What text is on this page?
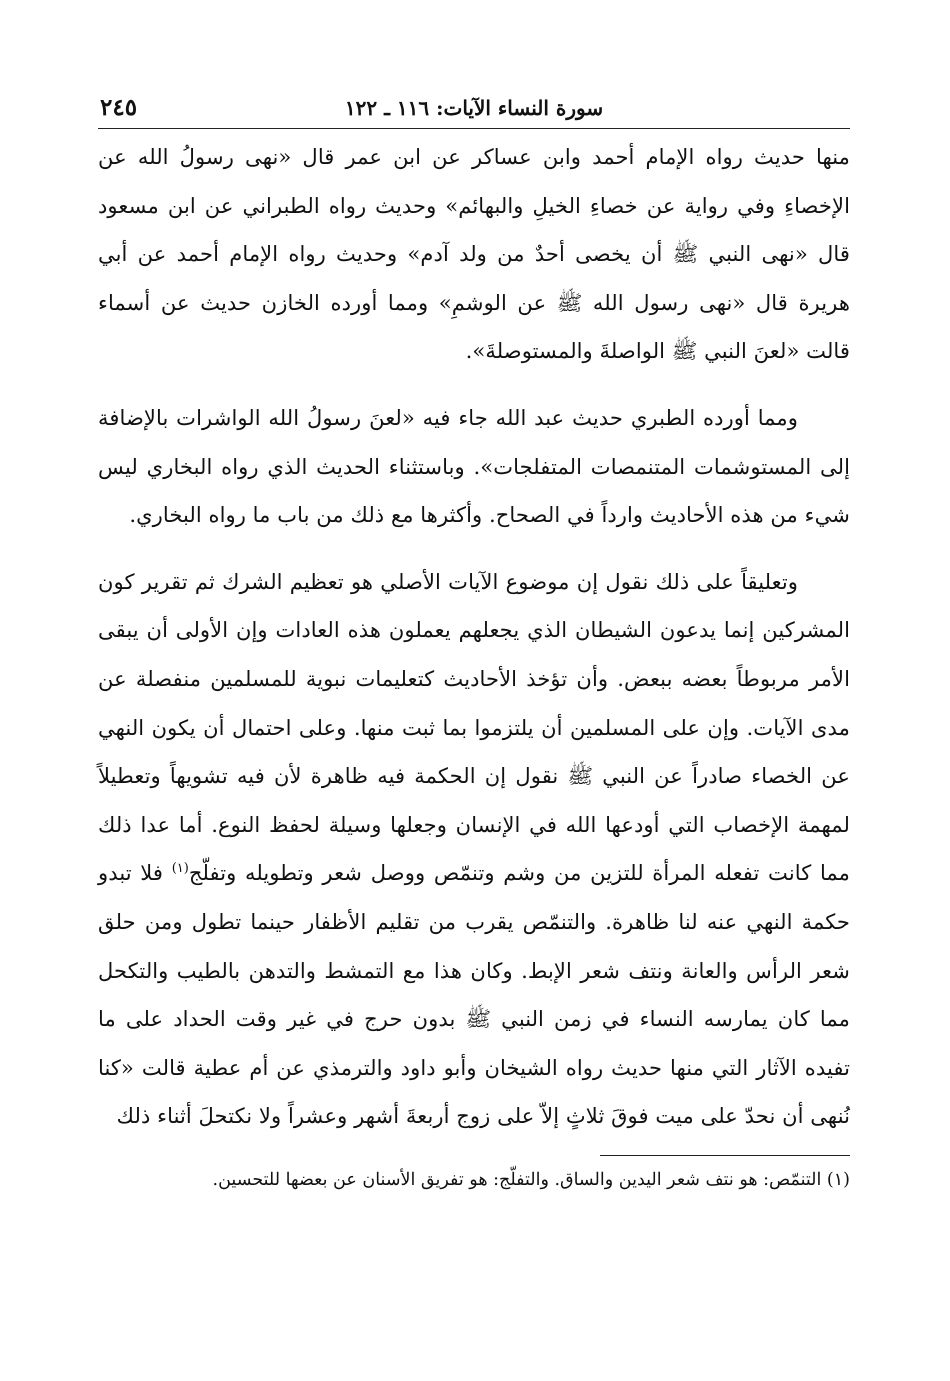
سورة النساء الآيات: ١١٦ ـ ١٢٢
٢٤٥

منها حديث رواه الإمام أحمد وابن عساكر عن ابن عمر قال «نهى رسولُ الله عن الإخصاءِ وفي رواية عن خصاءِ الخيلِ والبهائم» وحديث رواه الطبراني عن ابن مسعود قال «نهى النبي ﷺ أن يخصى أحدٌ من ولد آدم» وحديث رواه الإمام أحمد عن أبي هريرة قال «نهى رسول الله ﷺ عن الوشمِ» ومما أورده الخازن حديث عن أسماء قالت «لعنَ النبي ﷺ الواصلةَ والمستوصلةَ».

ومما أورده الطبري حديث عبد الله جاء فيه «لعنَ رسولُ الله الواشرات بالإضافة إلى المستوشمات المتنمصات المتفلجات». وباستثناء الحديث الذي رواه البخاري ليس شيء من هذه الأحاديث وارداً في الصحاح. وأكثرها مع ذلك من باب ما رواه البخاري.

وتعليقاً على ذلك نقول إن موضوع الآيات الأصلي هو تعظيم الشرك ثم تقرير كون المشركين إنما يدعون الشيطان الذي يجعلهم يعملون هذه العادات وإن الأولى أن يبقى الأمر مربوطاً بعضه ببعض. وأن تؤخذ الأحاديث كتعليمات نبوية للمسلمين منفصلة عن مدى الآيات. وإن على المسلمين أن يلتزموا بما ثبت منها. وعلى احتمال أن يكون النهي عن الخصاء صادراً عن النبي ﷺ نقول إن الحكمة فيه ظاهرة لأن فيه تشويهاً وتعطيلاً لمهمة الإخصاب التي أودعها الله في الإنسان وجعلها وسيلة لحفظ النوع. أما عدا ذلك مما كانت تفعله المرأة للتزين من وشم وتنمّص ووصل شعر وتطويله وتفلّج$^{(١)}$ فلا تبدو حكمة النهي عنه لنا ظاهرة. والتنمّص يقرب من تقليم الأظفار حينما تطول ومن حلق شعر الرأس والعانة ونتف شعر الإبط. وكان هذا مع التمشط والتدهن بالطيب والتكحل مما كان يمارسه النساء في زمن النبي ﷺ بدون حرج في غير وقت الحداد على ما تفيده الآثار التي منها حديث رواه الشيخان وأبو داود والترمذي عن أم عطية قالت «كنا نُنهى أن نحدّ على ميت فوقَ ثلاثٍ إلاّ على زوج أربعةَ أشهر وعشراً ولا نكتحلَ أثناء ذلك

(١) التنمّص: هو نتف شعر اليدين والساق. والتفلّج: هو تفريق الأسنان عن بعضها للتحسين.
